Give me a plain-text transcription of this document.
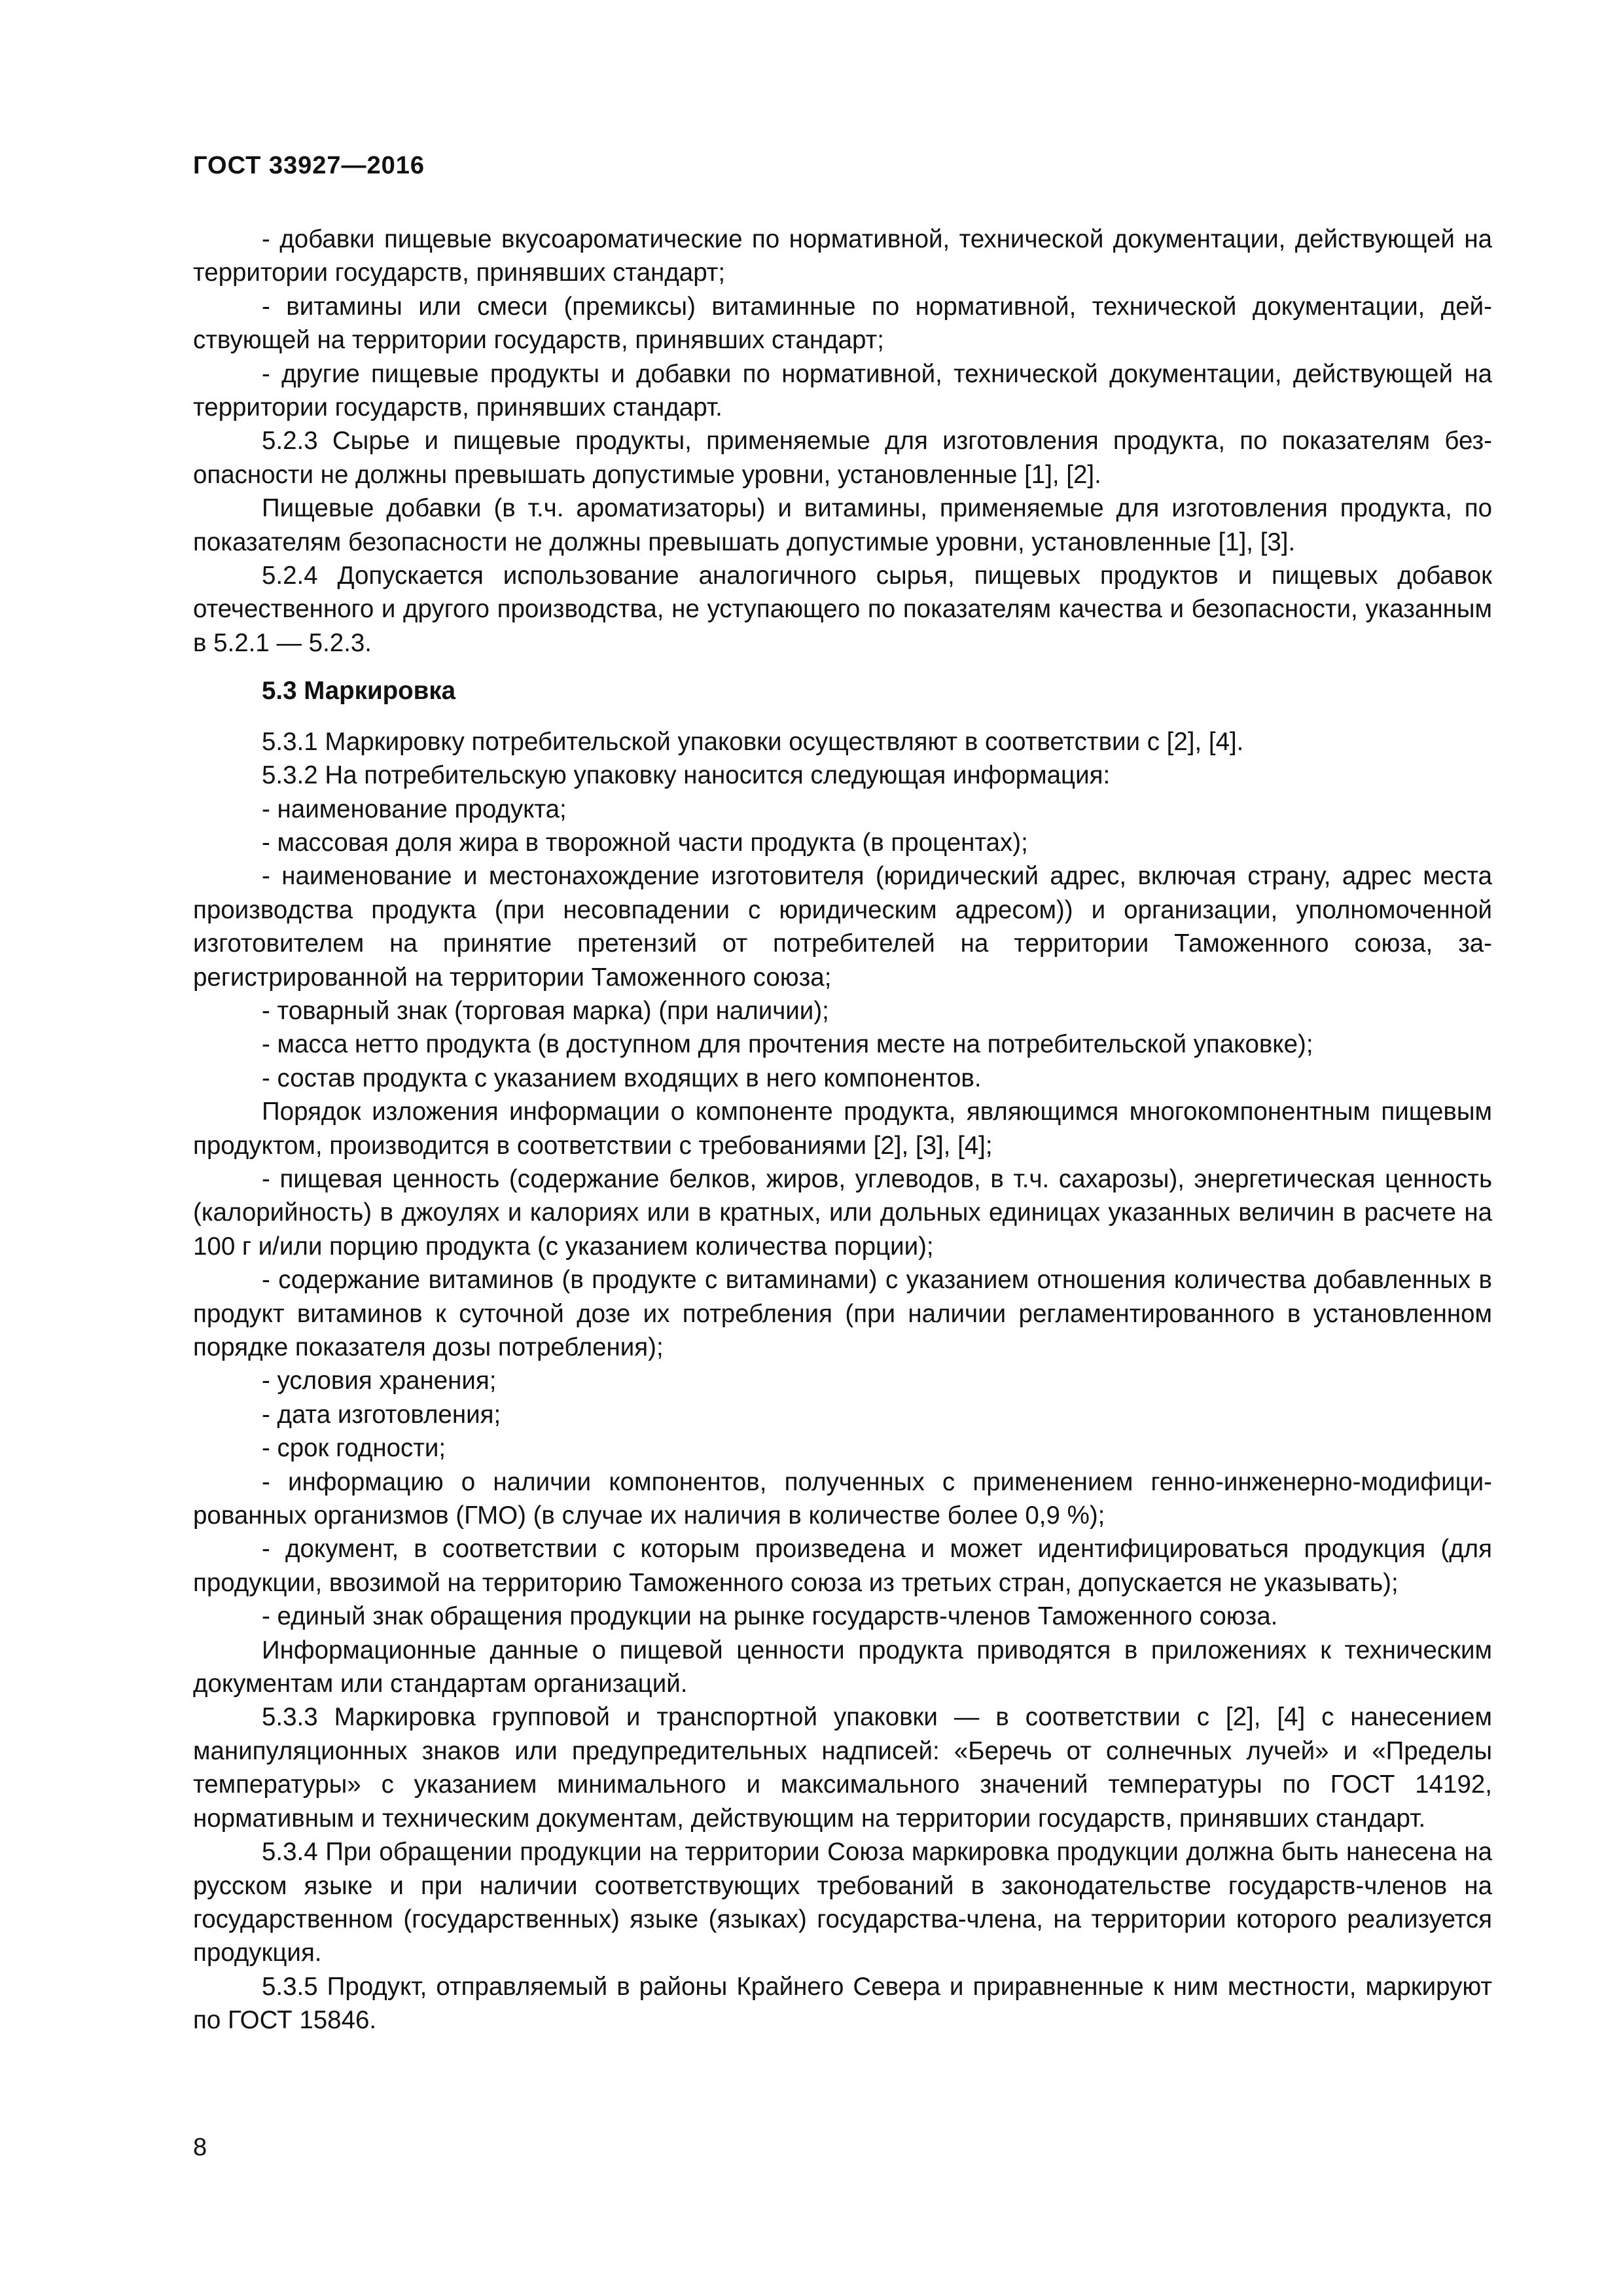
ГОСТ 33927—2016

- добавки пищевые вкусоароматические по нормативной, технической документации, действующей на территории государств, принявших стандарт;

- витамины или смеси (премиксы) витаминные по нормативной, технической документации, действующей на территории государств, принявших стандарт;

- другие пищевые продукты и добавки по нормативной, технической документации, действующей на территории государств, принявших стандарт.

5.2.3 Сырье и пищевые продукты, применяемые для изготовления продукта, по показателям безопасности не должны превышать допустимые уровни, установленные [1], [2].

Пищевые добавки (в т.ч. ароматизаторы) и витамины, применяемые для изготовления продукта, по показателям безопасности не должны превышать допустимые уровни, установленные [1], [3].

5.2.4 Допускается использование аналогичного сырья, пищевых продуктов и пищевых добавок отечественного и другого производства, не уступающего по показателям качества и безопасности, указанным в 5.2.1 — 5.2.3.

5.3 Маркировка

5.3.1 Маркировку потребительской упаковки осуществляют в соответствии с [2], [4].

5.3.2 На потребительскую упаковку наносится следующая информация:

- наименование продукта;

- массовая доля жира в творожной части продукта (в процентах);

- наименование и местонахождение изготовителя (юридический адрес, включая страну, адрес места производства продукта (при несовпадении с юридическим адресом)) и организации, уполномоченной изготовителем на принятие претензий от потребителей на территории Таможенного союза, зарегистрированной на территории Таможенного союза;

- товарный знак (торговая марка) (при наличии);

- масса нетто продукта (в доступном для прочтения месте на потребительской упаковке);

- состав продукта с указанием входящих в него компонентов.

Порядок изложения информации о компоненте продукта, являющимся многокомпонентным пищевым продуктом, производится в соответствии с требованиями [2], [3], [4];

- пищевая ценность (содержание белков, жиров, углеводов, в т.ч. сахарозы), энергетическая ценность (калорийность) в джоулях и калориях или в кратных, или дольных единицах указанных величин в расчете на 100 г и/или порцию продукта (с указанием количества порции);

- содержание витаминов (в продукте с витаминами) с указанием отношения количества добавленных в продукт витаминов к суточной дозе их потребления (при наличии регламентированного в установленном порядке показателя дозы потребления);

- условия хранения;

- дата изготовления;

- срок годности;

- информацию о наличии компонентов, полученных с применением генно-инженерно-модифицированных организмов (ГМО) (в случае их наличия в количестве более 0,9 %);

- документ, в соответствии с которым произведена и может идентифицироваться продукция (для продукции, ввозимой на территорию Таможенного союза из третьих стран, допускается не указывать);

- единый знак обращения продукции на рынке государств-членов Таможенного союза.

Информационные данные о пищевой ценности продукта приводятся в приложениях к техническим документам или стандартам организаций.

5.3.3 Маркировка групповой и транспортной упаковки — в соответствии с [2], [4] с нанесением манипуляционных знаков или предупредительных надписей: «Беречь от солнечных лучей» и «Пределы температуры» с указанием минимального и максимального значений температуры по ГОСТ 14192, нормативным и техническим документам, действующим на территории государств, принявших стандарт.

5.3.4 При обращении продукции на территории Союза маркировка продукции должна быть нанесена на русском языке и при наличии соответствующих требований в законодательстве государств-членов на государственном (государственных) языке (языках) государства-члена, на территории которого реализуется продукция.

5.3.5 Продукт, отправляемый в районы Крайнего Севера и приравненные к ним местности, маркируют по ГОСТ 15846.

8
